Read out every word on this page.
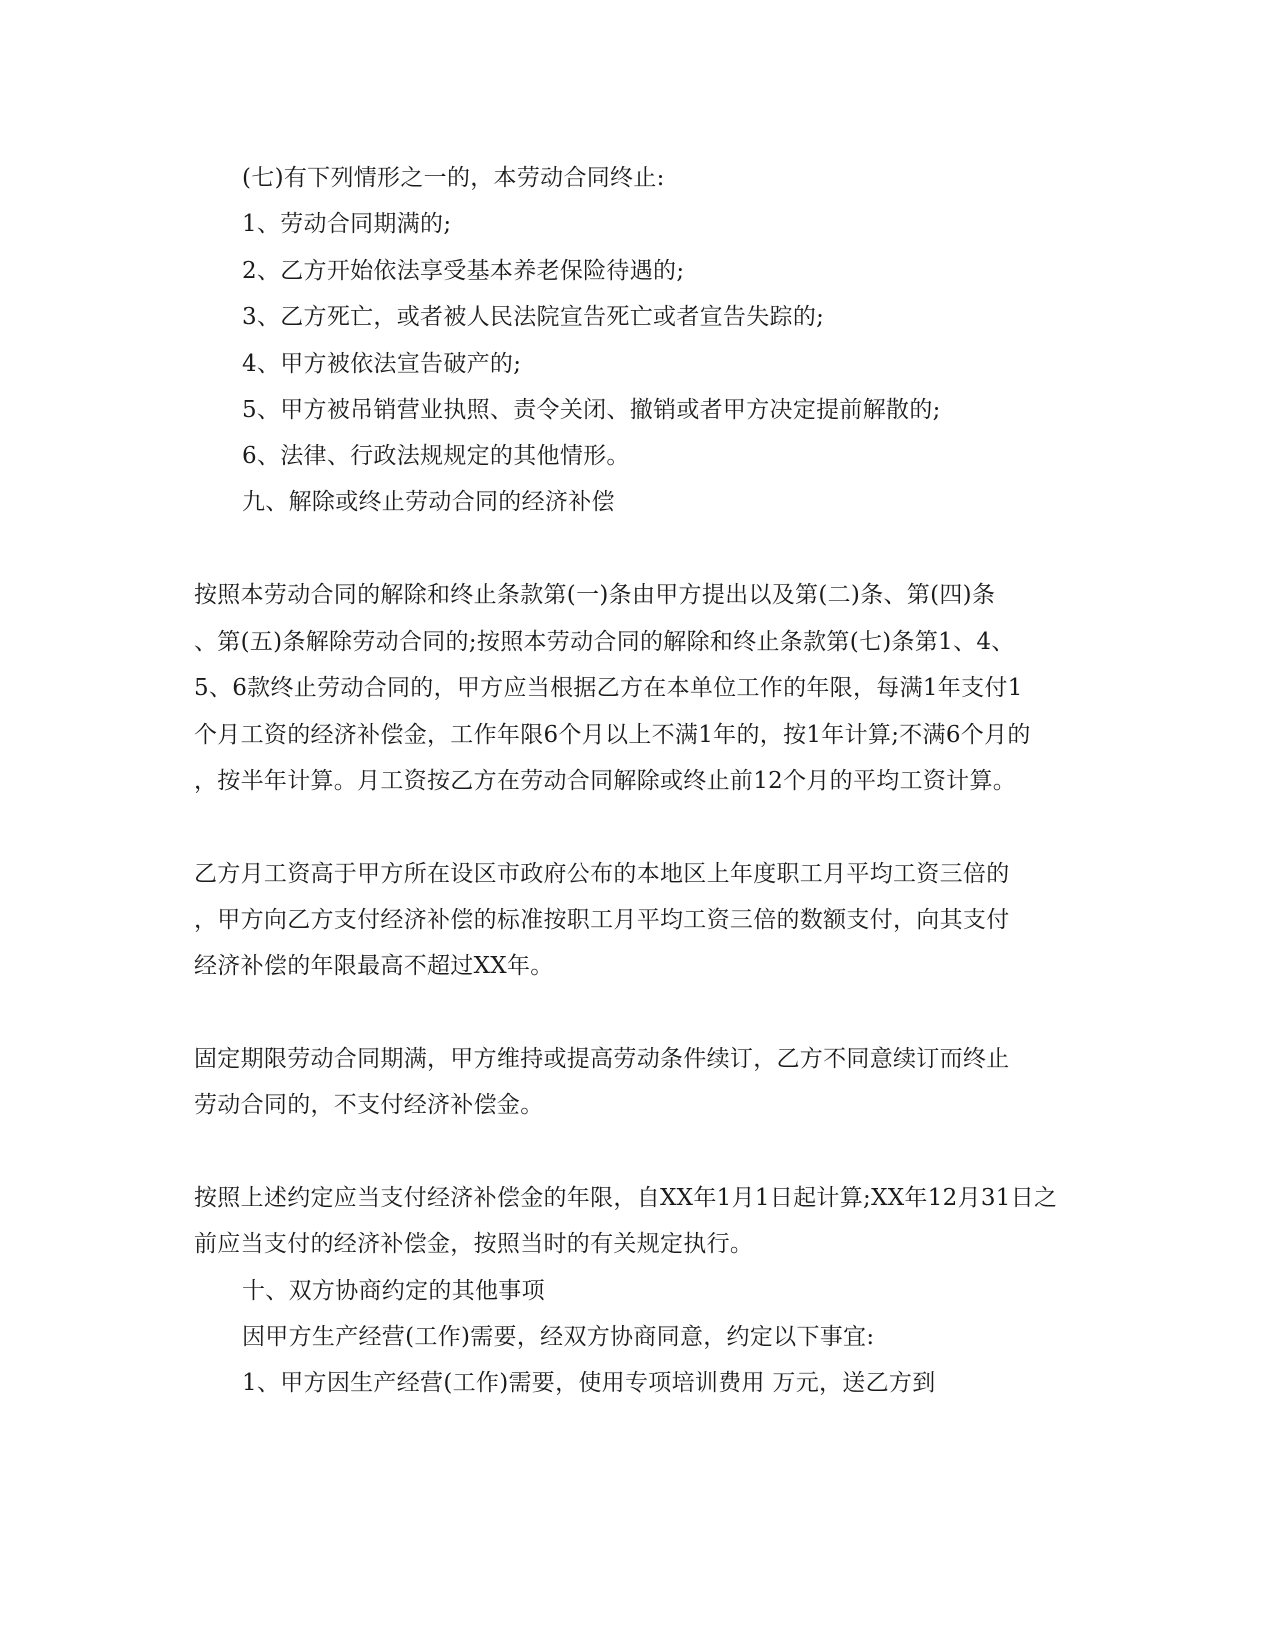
(七)有下列情形之一的，本劳动合同终止:
1、劳动合同期满的;
2、乙方开始依法享受基本养老保险待遇的;
3、乙方死亡，或者被人民法院宣告死亡或者宣告失踪的;
4、甲方被依法宣告破产的;
5、甲方被吊销营业执照、责令关闭、撤销或者甲方决定提前解散的;
6、法律、行政法规规定的其他情形。
九、解除或终止劳动合同的经济补偿
按照本劳动合同的解除和终止条款第(一)条由甲方提出以及第(二)条、第(四)条
、第(五)条解除劳动合同的;按照本劳动合同的解除和终止条款第(七)条第1、4、
5、6款终止劳动合同的，甲方应当根据乙方在本单位工作的年限，每满1年支付1
个月工资的经济补偿金，工作年限6个月以上不满1年的，按1年计算;不满6个月的
，按半年计算。月工资按乙方在劳动合同解除或终止前12个月的平均工资计算。
乙方月工资高于甲方所在设区市政府公布的本地区上年度职工月平均工资三倍的
，甲方向乙方支付经济补偿的标准按职工月平均工资三倍的数额支付，向其支付
经济补偿的年限最高不超过XX年。
固定期限劳动合同期满，甲方维持或提高劳动条件续订，乙方不同意续订而终止
劳动合同的，不支付经济补偿金。
按照上述约定应当支付经济补偿金的年限，自XX年1月1日起计算;XX年12月31日之
前应当支付的经济补偿金，按照当时的有关规定执行。
十、双方协商约定的其他事项
因甲方生产经营(工作)需要，经双方协商同意，约定以下事宜:
1、甲方因生产经营(工作)需要，使用专项培训费用 万元，送乙方到
